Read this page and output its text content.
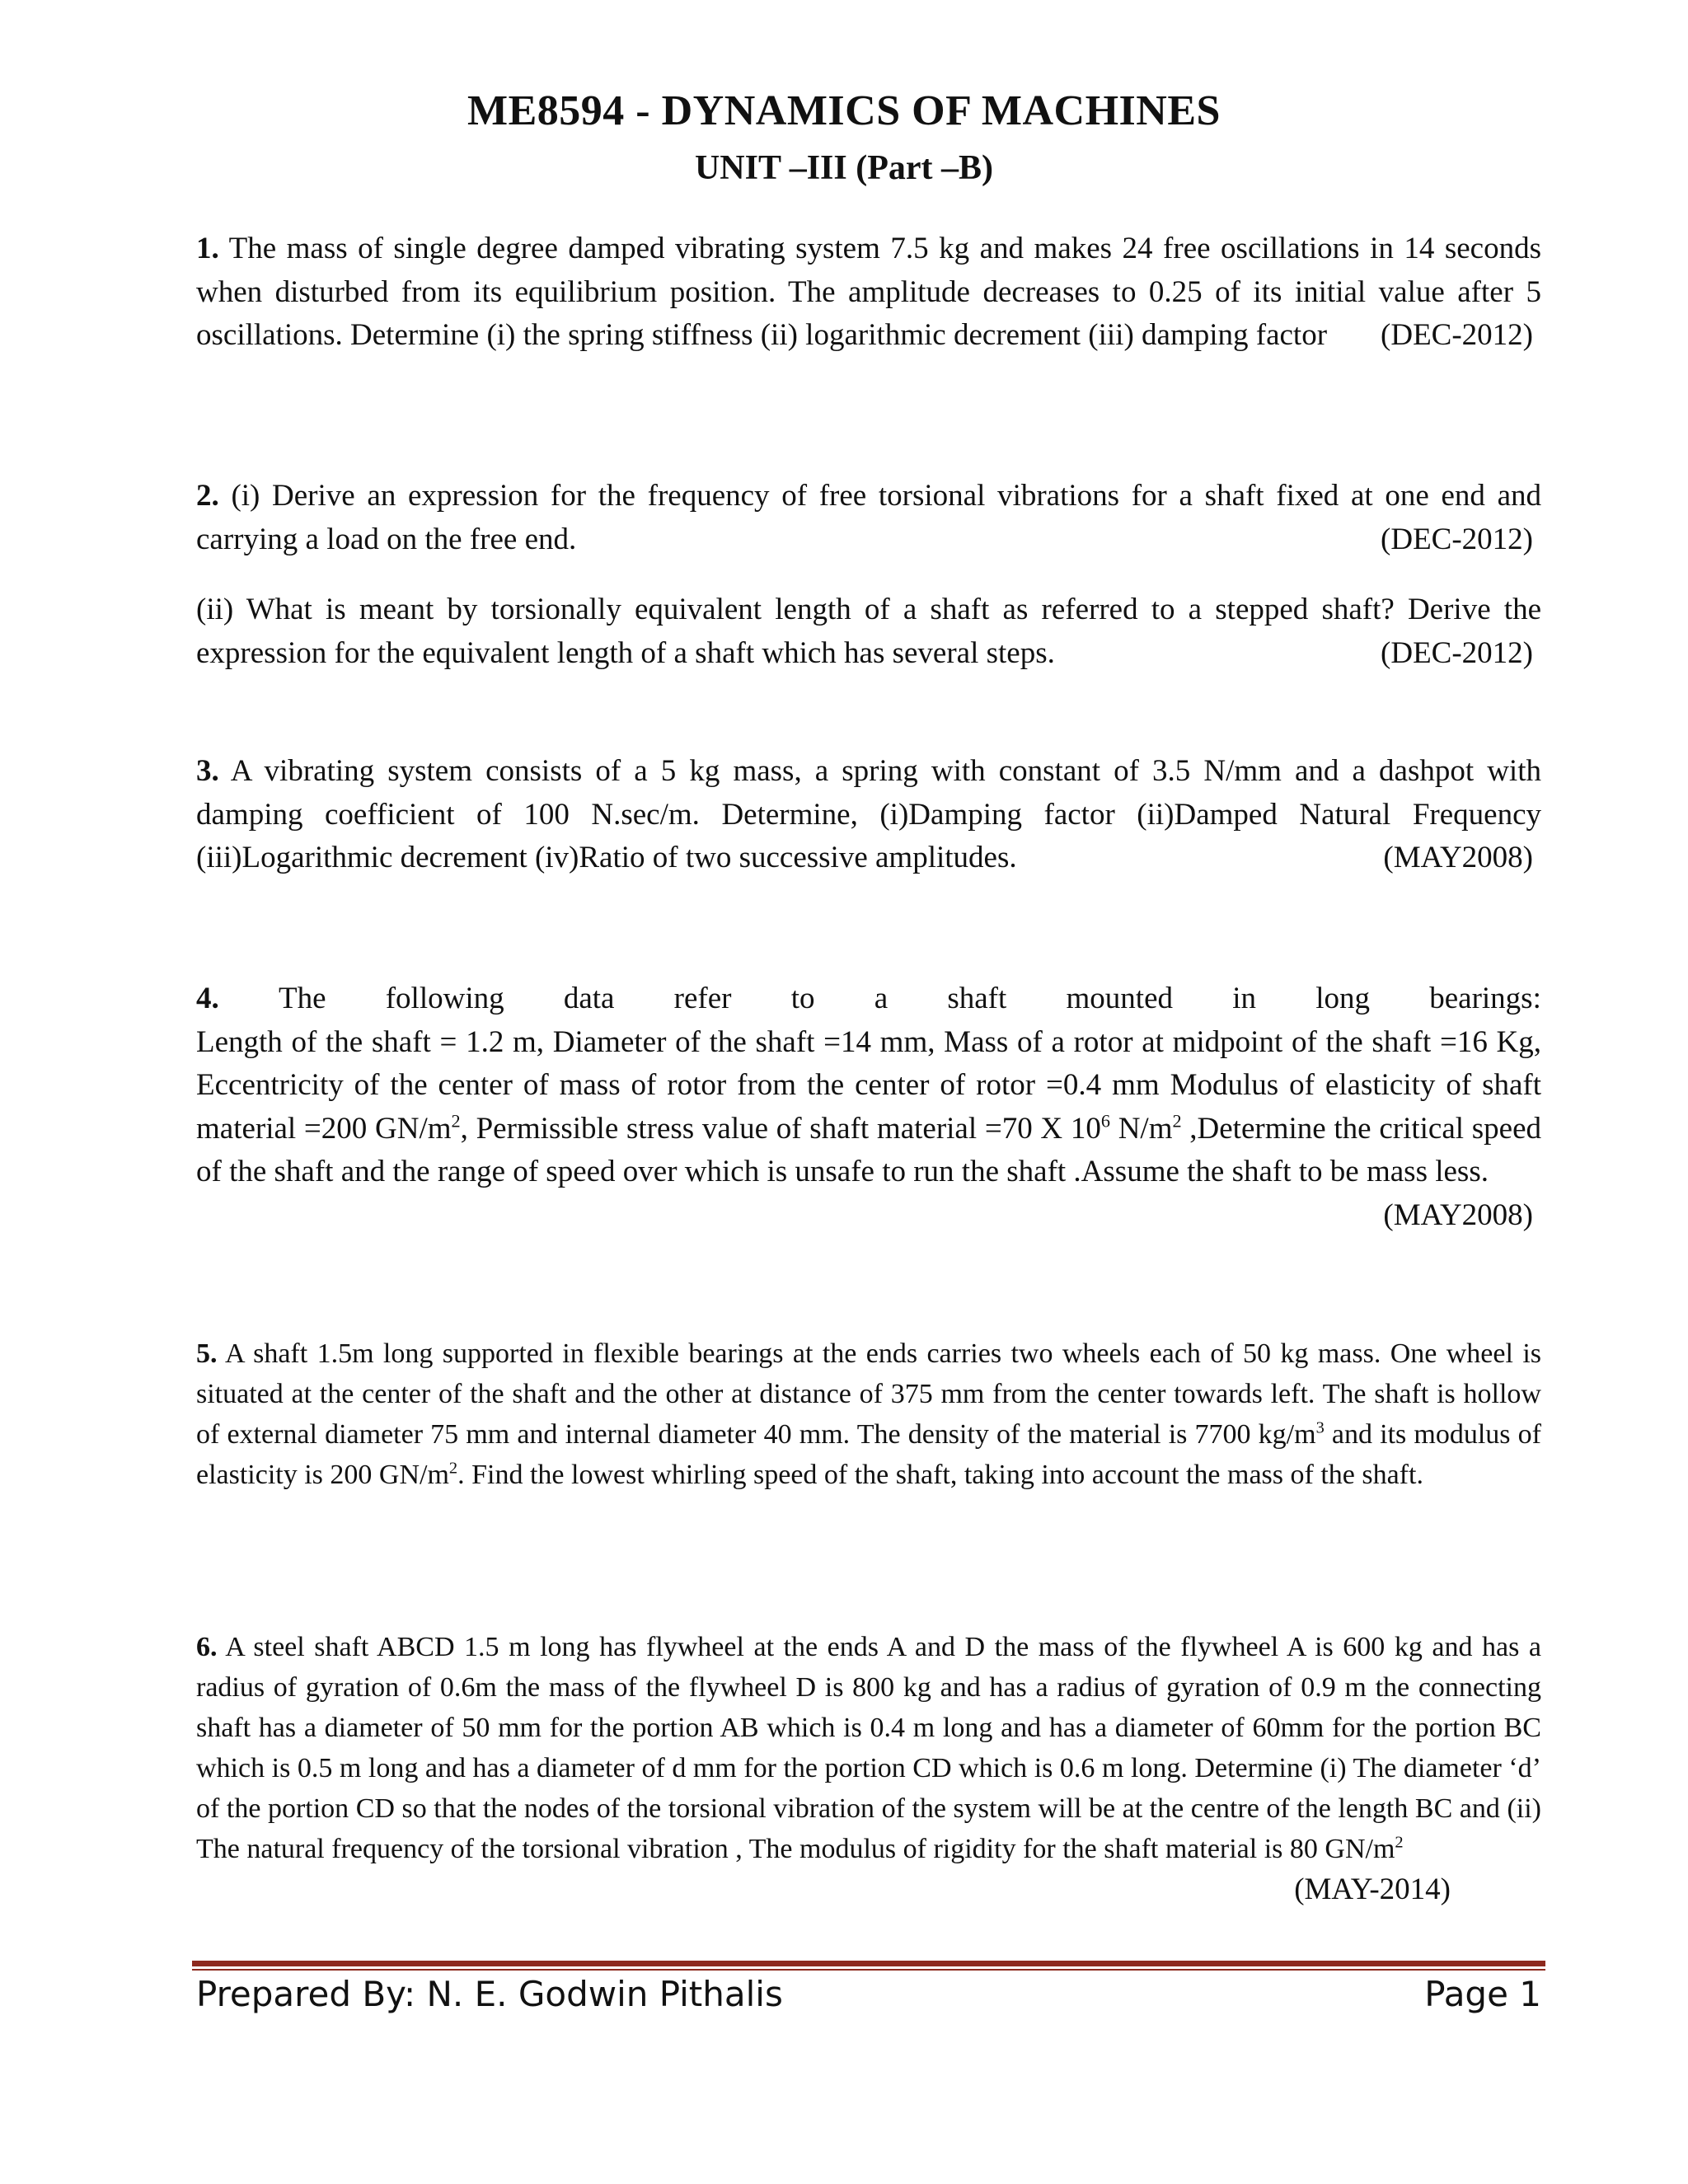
ME8594 - DYNAMICS OF MACHINES
UNIT –III (Part –B)
1. The mass of single degree damped vibrating system 7.5 kg and makes 24 free oscillations in 14 seconds when disturbed from its equilibrium position. The amplitude decreases to 0.25 of its initial value after 5 oscillations. Determine (i) the spring stiffness (ii) logarithmic decrement (iii) damping factor (DEC-2012)
2. (i) Derive an expression for the frequency of free torsional vibrations for a shaft fixed at one end and carrying a load on the free end.	(DEC-2012)
(ii) What is meant by torsionally equivalent length of a shaft as referred to a stepped shaft? Derive the expression for the equivalent length of a shaft which has several steps.	(DEC-2012)
3. A vibrating system consists of a 5 kg mass, a spring with constant of 3.5 N/mm and a dashpot with damping coefficient of 100 N.sec/m. Determine, (i)Damping factor (ii)Damped Natural Frequency (iii)Logarithmic decrement (iv)Ratio of two successive amplitudes.	(MAY2008)
4. The following data refer to a shaft mounted in long bearings:
Length of the shaft = 1.2 m, Diameter of the shaft =14 mm, Mass of a rotor at midpoint of the shaft =16 Kg, Eccentricity of the center of mass of rotor from the center of rotor =0.4 mm Modulus of elasticity of shaft material =200 $GN/m^2$, Permissible stress value of shaft material =70 X $10^6$ $N/m^2$ ,Determine the critical speed of the shaft and the range of speed over which is unsafe to run the shaft .Assume the shaft to be mass less.
(MAY2008)
5. A shaft 1.5m long supported in flexible bearings at the ends carries two wheels each of 50 kg mass. One wheel is situated at the center of the shaft and the other at distance of 375 mm from the center towards left. The shaft is hollow of external diameter 75 mm and internal diameter 40 mm. The density of the material is 7700 $kg/m^3$ and its modulus of elasticity is 200 $GN/m^2$. Find the lowest whirling speed of the shaft, taking into account the mass of the shaft.
6. A steel shaft ABCD 1.5 m long has flywheel at the ends A and D the mass of the flywheel A is 600 kg and has a radius of gyration of 0.6m the mass of the flywheel D is 800 kg and has a radius of gyration of 0.9 m the connecting shaft has a diameter of 50 mm for the portion AB which is 0.4 m long and has a diameter of 60mm for the portion BC which is 0.5 m long and has a diameter of d mm for the portion CD which is 0.6 m long. Determine (i) The diameter ‘d’ of the portion CD so that the nodes of the torsional vibration of the system will be at the centre of the length BC and (ii) The natural frequency of the torsional vibration , The modulus of rigidity for the shaft material is 80 $GN/m^2$
(MAY-2014)
Prepared By: N. E. Godwin Pithalis	Page 1
